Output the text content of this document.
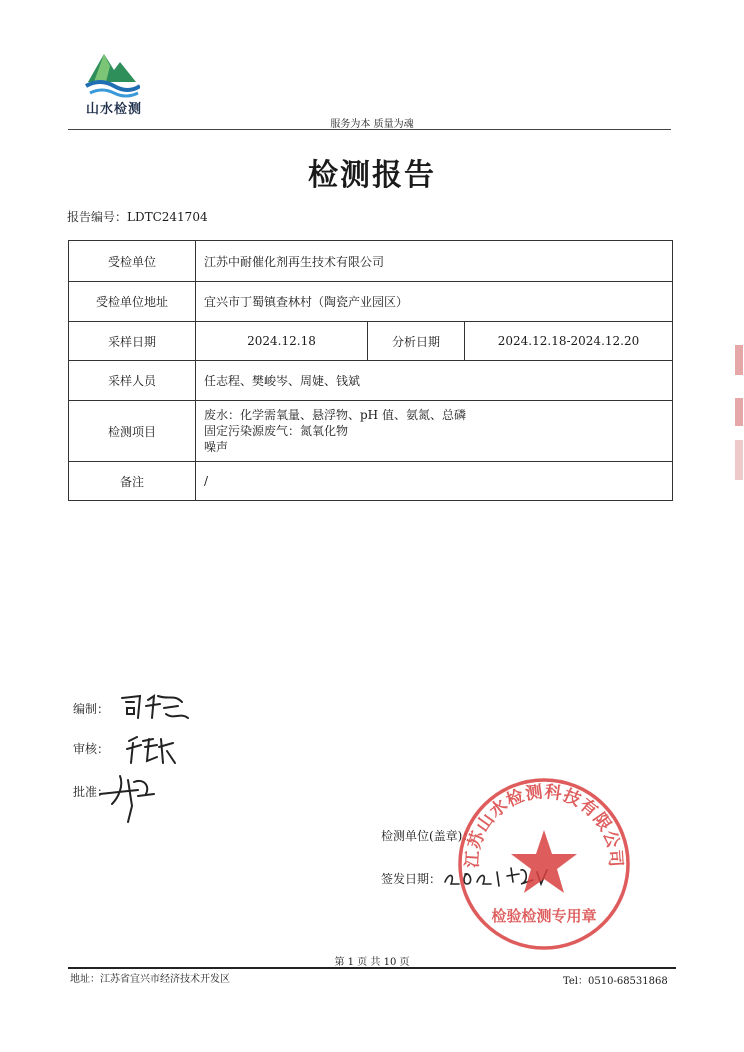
山水检测
服务为本 质量为魂
检测报告
报告编号：LDTC241704
受检单位	江苏中耐催化剂再生技术有限公司		
受检单位地址	宜兴市丁蜀镇查林村（陶瓷产业园区）		
采样日期	2024.12.18	分析日期	2024.12.18-2024.12.20
采样人员	任志程、樊峻岑、周婕、钱斌		
检测项目	废水：化学需氧量、悬浮物、pH 值、氨氮、总磷
固定污染源废气：氮氧化物
噪声		

备注	/		
编制：
审核：
批准：
检测单位(盖章)：
签发日期：
江苏山水检测科技有限公司
检验检测专用章
第 1 页 共 10 页
地址：江苏省宜兴市经济技术开发区	Tel：0510-68531868
